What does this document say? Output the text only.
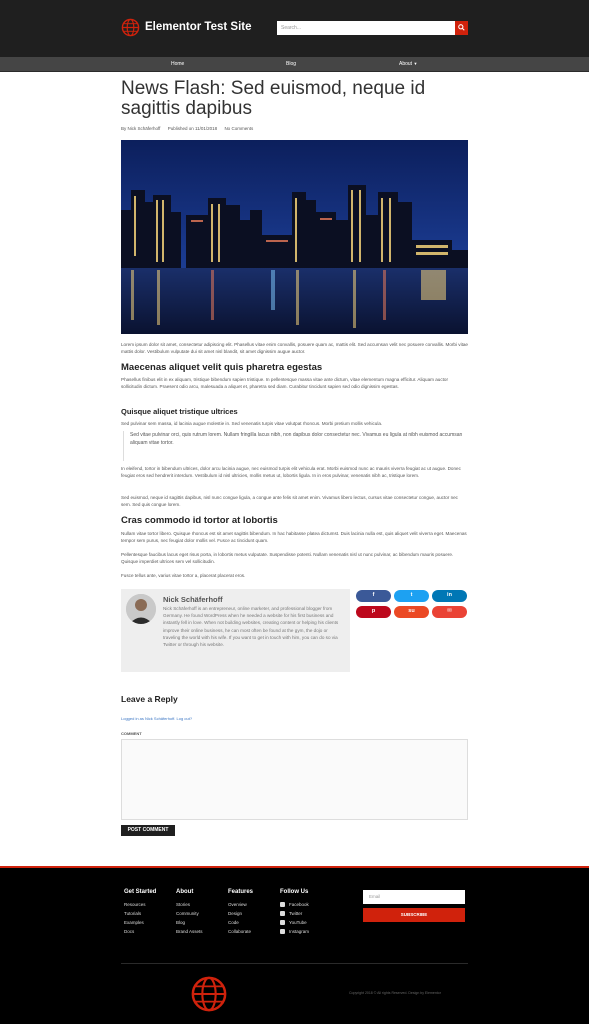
Elementor Test Site	Search...
Home	Blog	About ▼
News Flash: Sed euismod, neque id
sagittis dapibus
By Nick Schäferhoff Published on 11/01/2018 No Comments

Lorem ipsum dolor sit amet, consectetur adipiscing elit. Phasellus vitae enim convallis, posuere quam ac, mattis elit. Sed accumsan velit nec posuere convallis. Morbi vitae mattis dolor. Vestibulum vulputate dui sit amet nisl blandit, sit amet dignissim augue auctor.

Maecenas aliquet velit quis pharetra egestas

Phasellus finibus elit in ex aliquam, tristique bibendum sapien tristique. In pellentesque massa vitae ante dictum, vitae elementum magna efficitur. Aliquam auctor sollicitudin dictum. Praesent odio arcu, malesuada a aliquet et, pharetra sed diam. Curabitur tincidunt sapien sed odio dignissim egestas.

Quisque aliquet tristique ultrices

Sed pulvinar sem massa, id lacinia augue molestie in. Sed venenatis turpis vitae volutpat rhoncus. Morbi pretium mollis vehicula.

Sed vitae pulvinar orci, quis rutrum lorem. Nullam fringilla lacus nibh, non dapibus dolor consectetur nec. Vivamus eu ligula at nibh euismod accumsan aliquam vitae tortor.

In eleifend, tortor in bibendum ultrices, dolor arcu lacinia augue, nec euismod turpis elit vehicula erat. Morbi euismod nunc ac mauris viverra feugiat ac ut augue. Donec feugiat eros sed hendrerit interdum. Vestibulum id nisl ultricies, mollis metus ut, lobortis ligula. In in eros pulvinar, venenatis nibh ac, tristique lorem.

Sed euismod, neque id sagittis dapibus, nisl nunc congue ligula, a congue ante felis sit amet enim. Vivamus libero lectus, cursus vitae consectetur congue, auctor nec sem. Sed quis congue lorem.

Cras commodo id tortor at lobortis

Nullam vitae tortor libero. Quisque rhoncus est sit amet sagittis bibendum. In hac habitasse platea dictumst. Duis lacinia nulla est, quis aliquet velit viverra eget. Maecenas tempor sem purus, nec feugiat dolor mollis vel. Fusce ac tincidunt quam.

Pellentesque faucibus lacus eget risus porta, in lobortis metus vulputate. Suspendisse potenti. Nullam venenatis nisl ut nunc pulvinar, ac bibendum mauris posuere. Quisque imperdiet ultrices sem vel sollicitudin.

Fusce tellus ante, varius vitae tortor a, placerat placerat eros.

Nick Schäferhoff
Nick Schäferhoff is an entrepreneur, online marketer, and professional blogger from Germany. He found WordPress when he needed a website for his first business and instantly fell in love. When not building websites, creating content or helping his clients improve their online business, he can most often be found at the gym, the dojo or traveling the world with his wife. If you want to get in touch with him, you can do so via Twitter or through his website.
f	t	in
p	su	✉
Leave a Reply
Logged in as Nick Schäferhoff. Log out?
COMMENT
POST COMMENT
Get Started
Resources
Tutorials
Examples
Docs
About
Stories
Community
Blog
Brand Assets
Features
Overview
Design
Code
Collaborate
Follow Us
Facebook
Twitter
YouTube
Instagram
Email
SUBSCRIBE
Copyright 2018 © All rights Reserved. Design by Elementor
